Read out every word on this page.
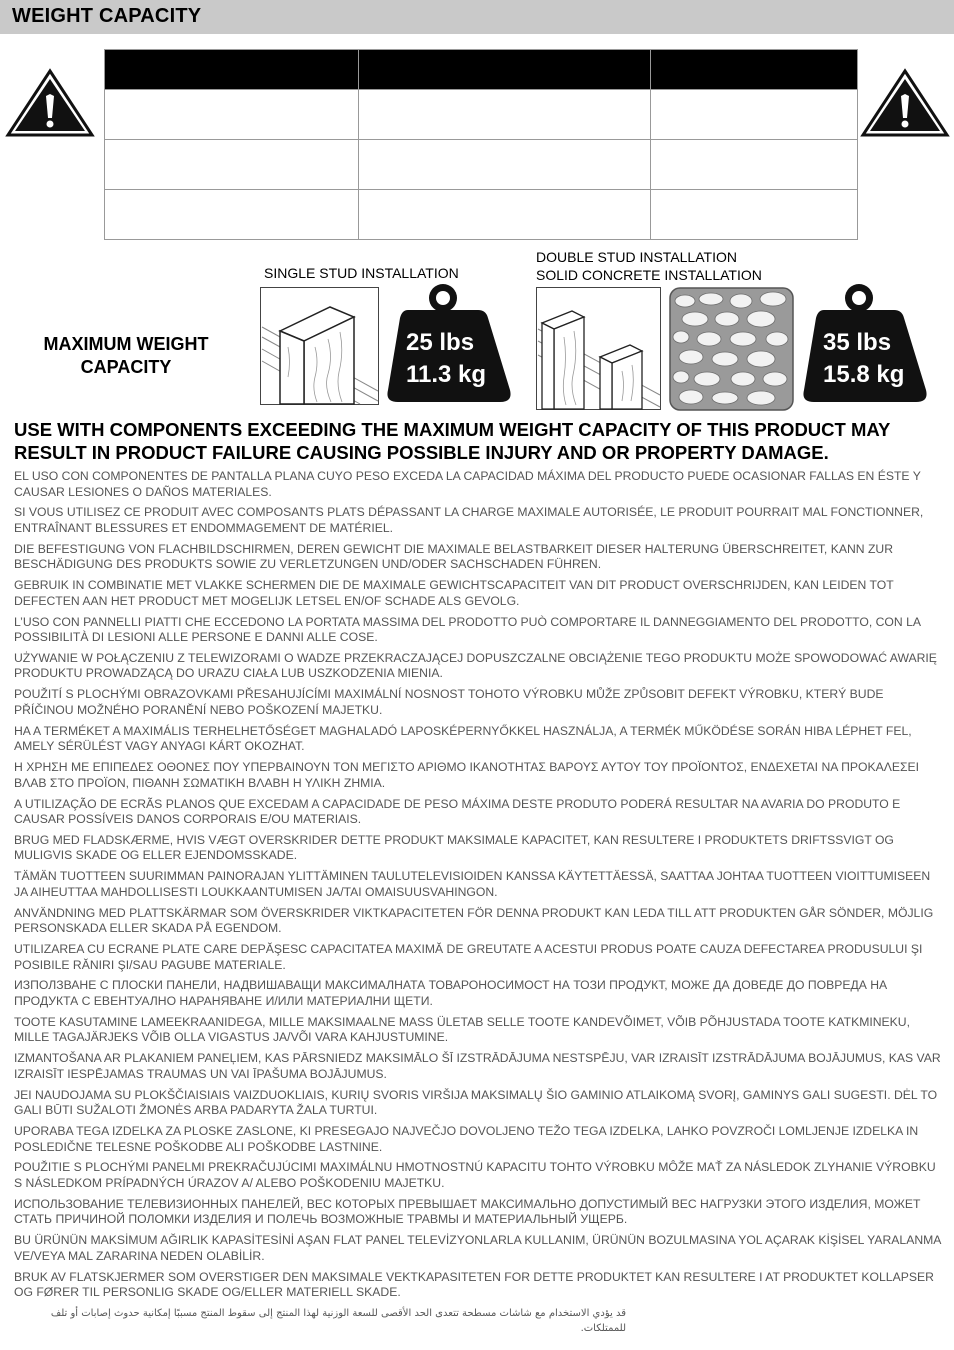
WEIGHT CAPACITY

SINGLE STUD INSTALLATION
DOUBLE STUD INSTALLATION
SOLID CONCRETE INSTALLATION
MAXIMUM WEIGHT
CAPACITY
25 lbs
11.3 kg
35 lbs
15.8 kg
USE WITH COMPONENTS EXCEEDING THE MAXIMUM WEIGHT CAPACITY OF THIS PRODUCT MAY RESULT IN PRODUCT FAILURE CAUSING POSSIBLE INJURY AND OR PROPERTY DAMAGE.

EL USO CON COMPONENTES DE PANTALLA PLANA CUYO PESO EXCEDA LA CAPACIDAD MÁXIMA DEL PRODUCTO PUEDE OCASIONAR FALLAS EN ÉSTE Y CAUSAR LESIONES O DAÑOS MATERIALES.

SI VOUS UTILISEZ CE PRODUIT AVEC COMPOSANTS PLATS DÉPASSANT LA CHARGE MAXIMALE AUTORISÉE, LE PRODUIT POURRAIT MAL FONCTIONNER, ENTRAÎNANT BLESSURES ET ENDOMMAGEMENT DE MATÉRIEL.

DIE BEFESTIGUNG VON FLACHBILDSCHIRMEN, DEREN GEWICHT DIE MAXIMALE BELASTBARKEIT DIESER HALTERUNG ÜBERSCHREITET, KANN ZUR BESCHÄDIGUNG DES PRODUKTS SOWIE ZU VERLETZUNGEN UND/ODER SACHSCHADEN FÜHREN.

GEBRUIK IN COMBINATIE MET VLAKKE SCHERMEN DIE DE MAXIMALE GEWICHTSCAPACITEIT VAN DIT PRODUCT OVERSCHRIJDEN, KAN LEIDEN TOT DEFECTEN AAN HET PRODUCT MET MOGELIJK LETSEL EN/OF SCHADE ALS GEVOLG.

L’USO CON PANNELLI PIATTI CHE ECCEDONO LA PORTATA MASSIMA DEL PRODOTTO PUÒ COMPORTARE IL DANNEGGIAMENTO DEL PRODOTTO, CON LA POSSIBILITÀ DI LESIONI ALLE PERSONE E DANNI ALLE COSE.

UŻYWANIE W POŁĄCZENIU Z TELEWIZORAMI O WADZE PRZEKRACZAJĄCEJ DOPUSZCZALNE OBCIĄŻENIE TEGO PRODUKTU MOŻE SPOWODOWAĆ AWARIĘ PRODUKTU PROWADZĄCĄ DO URAZU CIAŁA LUB USZKODZENIA MIENIA.

POUŽITÍ S PLOCHÝMI OBRAZOVKAMI PŘESAHUJÍCÍMI MAXIMÁLNÍ NOSNOST TOHOTO VÝROBKU MŮŽE ZPŮSOBIT DEFEKT VÝROBKU, KTERÝ BUDE PŘÍČINOU MOŽNÉHO PORANĚNÍ NEBO POŠKOZENÍ MAJETKU.

HA A TERMÉKET A MAXIMÁLIS TERHELHETŐSÉGET MAGHALADÓ LAPOSKÉPERNYŐKKEL HASZNÁLJA, A TERMÉK MŰKÖDÉSE SORÁN HIBA LÉPHET FEL, AMELY SÉRÜLÉST VAGY ANYAGI KÁRT OKOZHAT.

Η ΧΡΗΣΗ ΜΕ ΕΠΙΠΕΔΕΣ ΟΘΟΝΕΣ ΠΟΥ ΥΠΕΡΒΑΙΝΟΥΝ ΤΟΝ ΜΕΓΙΣΤΟ ΑΡΙΘΜΟ ΙΚΑΝΟΤΗΤΑΣ ΒΑΡΟΥΣ ΑΥΤΟΥ ΤΟΥ ΠΡΟΪΟΝΤΟΣ, ΕΝΔΕΧΕΤΑΙ ΝΑ ΠΡΟΚΑΛΕΣΕΙ ΒΛΑΒ ΣΤΟ ΠΡΟΪΟΝ, ΠΙΘΑΝΗ ΣΩΜΑΤΙΚΗ ΒΛΑΒΗ Η ΥΛΙΚΗ ΖΗΜΙΑ.

A UTILIZAÇÃO DE ECRÃS PLANOS QUE EXCEDAM A CAPACIDADE DE PESO MÁXIMA DESTE PRODUTO PODERÁ RESULTAR NA AVARIA DO PRODUTO E CAUSAR POSSÍVEIS DANOS CORPORAIS E/OU MATERIAIS.

BRUG MED FLADSKÆRME, HVIS VÆGT OVERSKRIDER DETTE PRODUKT MAKSIMALE KAPACITET, KAN RESULTERE I PRODUKTETS DRIFTSSVIGT OG MULIGVIS SKADE OG ELLER EJENDOMSSKADE.

TÄMÄN TUOTTEEN SUURIMMAN PAINORAJAN YLITTÄMINEN TAULUTELEVISIOIDEN KANSSA KÄYTETTÄESSÄ, SAATTAA JOHTAA TUOTTEEN VIOITTUMISEEN JA AIHEUTTAA MAHDOLLISESTI LOUKKAANTUMISEN JA/TAI OMAISUUSVAHINGON.

ANVÄNDNING MED PLATTSKÄRMAR SOM ÖVERSKRIDER VIKTKAPACITETEN FÖR DENNA PRODUKT KAN LEDA TILL ATT PRODUKTEN GÅR SÖNDER, MÖJLIG PERSONSKADA ELLER SKADA PÅ EGENDOM.

UTILIZAREA CU ECRANE PLATE CARE DEPĂŞESC CAPACITATEA MAXIMĂ DE GREUTATE A ACESTUI PRODUS POATE CAUZA DEFECTAREA PRODUSULUI ŞI POSIBILE RĂNIRI ŞI/SAU PAGUBE MATERIALE.

ИЗПОЛЗВАНЕ С ПЛОСКИ ПАНЕЛИ, НАДВИШАВАЩИ МАКСИМАЛНАТА ТОВАРОНОСИМОСТ НА ТОЗИ ПРОДУКТ, МОЖЕ ДА ДОВЕДЕ ДО ПОВРЕДА НА ПРОДУКТА С ЕВЕНТУАЛНО НАРАНЯВАНЕ И/ИЛИ МАТЕРИАЛНИ ЩЕТИ.

TOOTE KASUTAMINE LAMEEKRAANIDEGA, MILLE MAKSIMAALNE MASS ÜLETAB SELLE TOOTE KANDEVÕIMET, VÕIB PÕHJUSTADA TOOTE KATKMINEKU, MILLE TAGAJÄRJEKS VÕIB OLLA VIGASTUS JA/VÕI VARA KAHJUSTUMINE.

IZMANTOŠANA AR PLAKANIEM PANEĻIEM, KAS PĀRSNIEDZ MAKSIMĀLO ŠĪ IZSTRĀDĀJUMA NESTSPĒJU, VAR IZRAISĪT IZSTRĀDĀJUMA BOJĀJUMUS, KAS VAR IZRAISĪT IESPĒJAMAS TRAUMAS UN VAI ĪPAŠUMA BOJĀJUMUS.

JEI NAUDOJAMA SU PLOKŠČIAISIAIS VAIZDUOKLIAIS, KURIŲ SVORIS VIRŠIJA MAKSIMALŲ ŠIO GAMINIO ATLAIKOMĄ SVORĮ, GAMINYS GALI SUGESTI. DĖL TO GALI BŪTI SUŽALOTI ŽMONĖS ARBA PADARYTA ŽALA TURTUI.

UPORABA TEGA IZDELKA ZA PLOSKE ZASLONE, KI PRESEGAJO NAJVEČJO DOVOLJENO TEŽO TEGA IZDELKA, LAHKO POVZROČI LOMLJENJE IZDELKA IN POSLEDIČNE TELESNE POŠKODBE ALI POŠKODBE LASTNINE.

POUŽITIE S PLOCHÝMI PANELMI PREKRAČUJÚCIMI MAXIMÁLNU HMOTNOSTNÚ KAPACITU TOHTO VÝROBKU MÔŽE MAŤ ZA NÁSLEDOK ZLYHANIE VÝROBKU S NÁSLEDKOM PRÍPADNÝCH ÚRAZOV A/ ALEBO POŠKODENIU MAJETKU.

ИСПОЛЬЗОВАНИЕ ТЕЛЕВИЗИОННЫХ ПАНЕЛЕЙ, ВЕС КОТОРЫХ ПРЕВЫШАЕТ МАКСИМАЛЬНО ДОПУСТИМЫЙ ВЕС НАГРУЗКИ ЭТОГО ИЗДЕЛИЯ, МОЖЕТ СТАТЬ ПРИЧИНОЙ ПОЛОМКИ ИЗДЕЛИЯ И ПОЛЕЧЬ ВОЗМОЖНЫЕ ТРАВМЫ И МАТЕРИАЛЬНЫЙ УЩЕРБ.

BU ÜRÜNÜN MAKSİMUM AĞIRLIK KAPASİTESİNİ AŞAN FLAT PANEL TELEVİZYONLARLA KULLANIM, ÜRÜNÜN BOZULMASINA YOL AÇARAK KİŞİSEL YARALANMA VE/VEYA MAL ZARARINA NEDEN OLABİLİR.

BRUK AV FLATSKJERMER SOM OVERSTIGER DEN MAKSIMALE VEKTKAPASITETEN FOR DETTE PRODUKTET KAN RESULTERE I AT PRODUKTET KOLLAPSER OG FØRER TIL PERSONLIG SKADE OG/ELLER MATERIELL SKADE.

قد يؤدي الاستخدام مع شاشات مسطحة تتعدى الحد الأقصى للسعة الوزنية لهذا المنتج إلى سقوط المنتج مسببًا إمكانية حدوث إصابات أو تلف للممتلكات.
